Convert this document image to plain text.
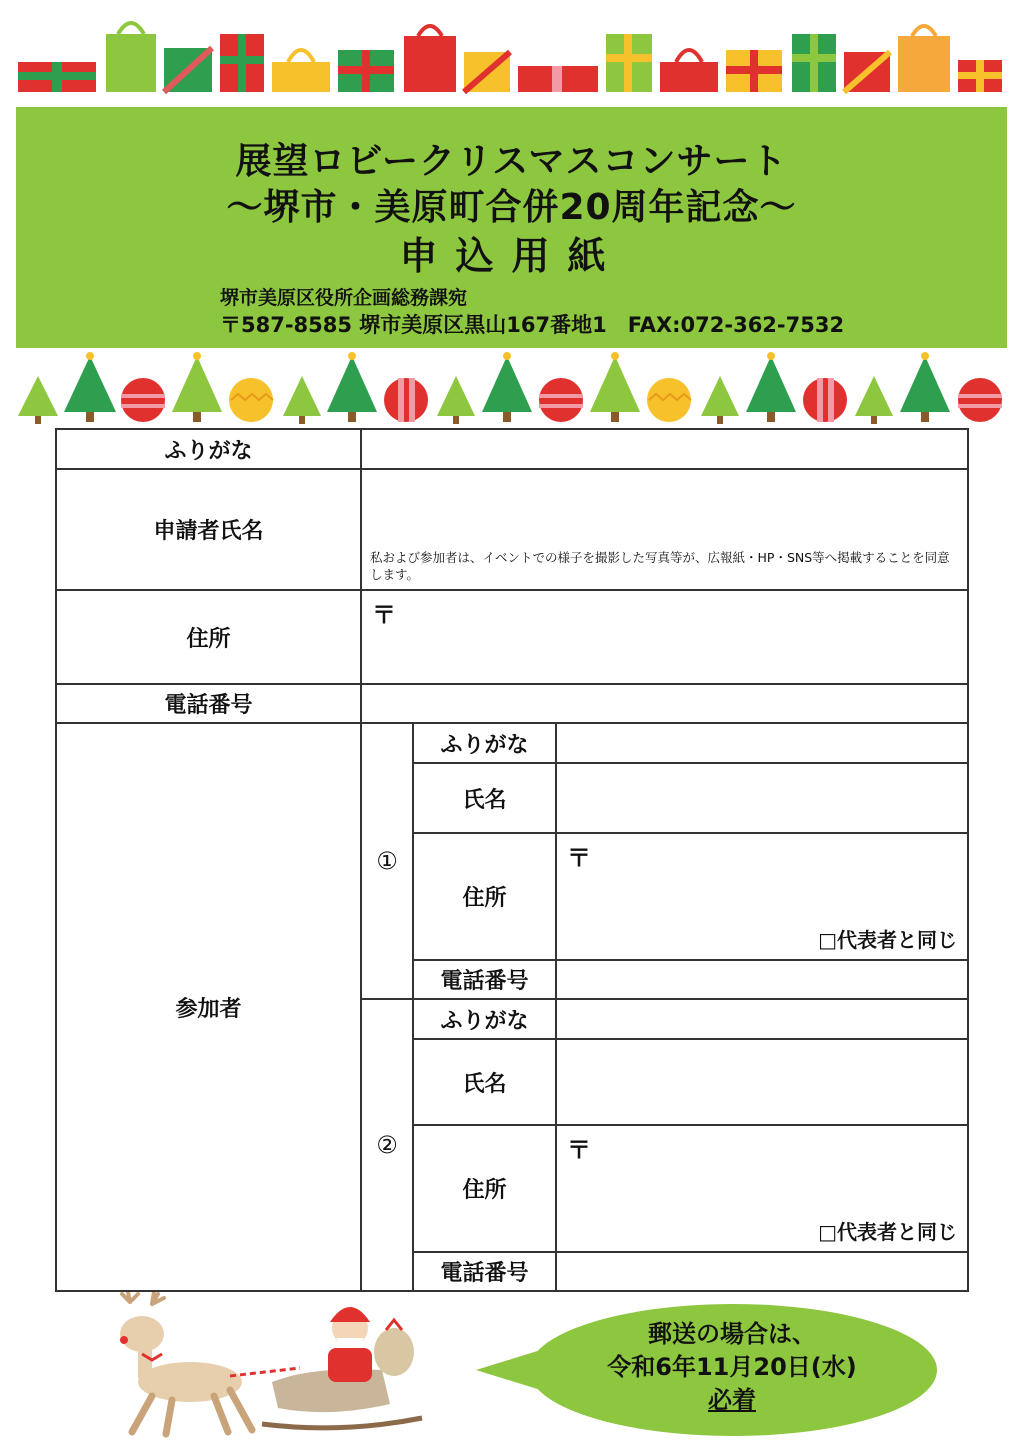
展望ロビークリスマスコンサート
～堺市・美原町合併20周年記念～
申込用紙
堺市美原区役所企画総務課宛
〒587-8585 堺市美原区黒山167番地1　FAX:072-362-7532
ふりがな
申請者氏名
私および参加者は、イベントでの様子を撮影した写真等が、広報紙・HP・SNS等へ掲載することを同意します。
住所
〒
電話番号
参加者
①
ふりがな
氏名
住所
〒
□代表者と同じ
電話番号
②
ふりがな
氏名
住所
〒
□代表者と同じ
電話番号
郵送の場合は、
令和6年11月20日(水)
必着
